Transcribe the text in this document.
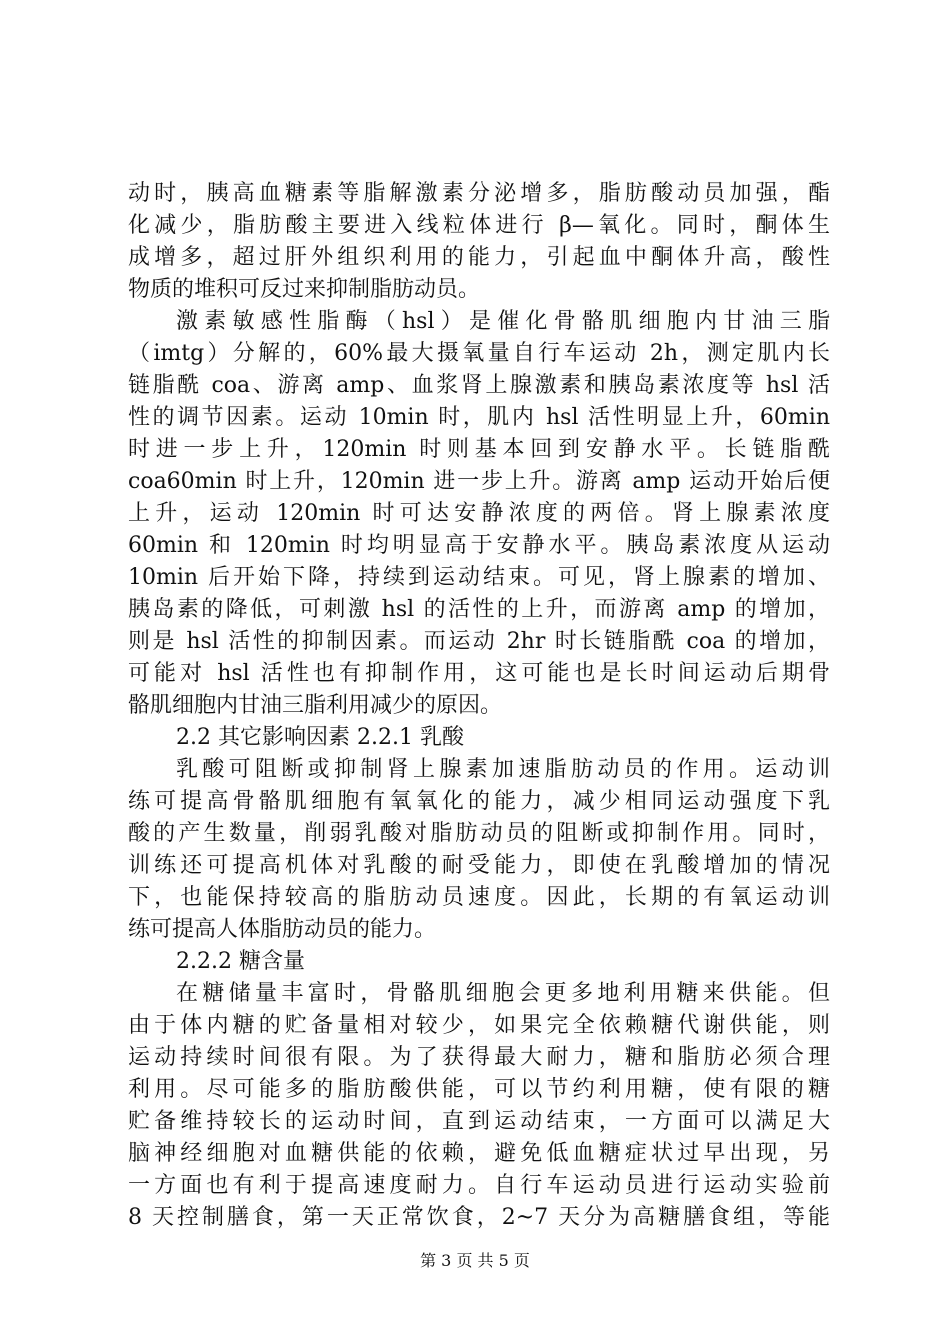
动时，胰高血糖素等脂解激素分泌增多，脂肪酸动员加强，酯
化减少，脂肪酸主要进入线粒体进行 β—氧化。同时，酮体生
成增多，超过肝外组织利用的能力，引起血中酮体升高，酸性
物质的堆积可反过来抑制脂肪动员。
激素敏感性脂酶（hsl）是催化骨骼肌细胞内甘油三脂
（imtg）分解的，60%最大摄氧量自行车运动 2h，测定肌内长
链脂酰 coa、游离 amp、血浆肾上腺激素和胰岛素浓度等 hsl 活
性的调节因素。运动 10min 时，肌内 hsl 活性明显上升，60min
时进一步上升，120min 时则基本回到安静水平。长链脂酰
coa60min 时上升，120min 进一步上升。游离 amp 运动开始后便
上升，运动 120min 时可达安静浓度的两倍。肾上腺素浓度
60min 和 120min 时均明显高于安静水平。胰岛素浓度从运动
10min 后开始下降，持续到运动结束。可见，肾上腺素的增加、
胰岛素的降低，可刺激 hsl 的活性的上升，而游离 amp 的增加，
则是 hsl 活性的抑制因素。而运动 2hr 时长链脂酰 coa 的增加，
可能对 hsl 活性也有抑制作用，这可能也是长时间运动后期骨
骼肌细胞内甘油三脂利用减少的原因。
2.2 其它影响因素 2.2.1 乳酸
乳酸可阻断或抑制肾上腺素加速脂肪动员的作用。运动训
练可提高骨骼肌细胞有氧氧化的能力，减少相同运动强度下乳
酸的产生数量，削弱乳酸对脂肪动员的阻断或抑制作用。同时，
训练还可提高机体对乳酸的耐受能力，即使在乳酸增加的情况
下，也能保持较高的脂肪动员速度。因此，长期的有氧运动训
练可提高人体脂肪动员的能力。
2.2.2 糖含量
在糖储量丰富时，骨骼肌细胞会更多地利用糖来供能。但
由于体内糖的贮备量相对较少，如果完全依赖糖代谢供能，则
运动持续时间很有限。为了获得最大耐力，糖和脂肪必须合理
利用。尽可能多的脂肪酸供能，可以节约利用糖，使有限的糖
贮备维持较长的运动时间，直到运动结束，一方面可以满足大
脑神经细胞对血糖供能的依赖，避免低血糖症状过早出现，另
一方面也有利于提高速度耐力。自行车运动员进行运动实验前
8 天控制膳食，第一天正常饮食，2~7 天分为高糖膳食组，等能
第 3 页 共 5 页
